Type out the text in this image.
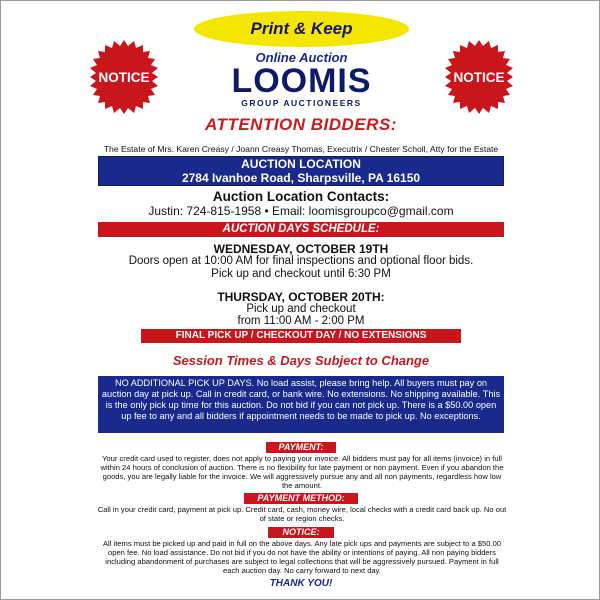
Print & Keep
NOTICE
Online Auction
LOOMIS
GROUP AUCTIONEERS
NOTICE
ATTENTION BIDDERS:
The Estate of Mrs. Karen Creasy / Joann Creasy Thomas, Executrix / Chester Scholl, Atty for the Estate
AUCTION LOCATION
2784 Ivanhoe Road, Sharpsville, PA 16150
Auction Location Contacts:
Justin: 724-815-1958 • Email: loomisgroupco@gmail.com
AUCTION DAYS SCHEDULE:
WEDNESDAY, OCTOBER 19TH
Doors open at 10:00 AM for final inspections and optional floor bids.
Pick up and checkout until 6:30 PM
THURSDAY, OCTOBER 20TH:
Pick up and checkout
from 11:00 AM - 2:00 PM
FINAL PICK UP / CHECKOUT DAY / NO EXTENSIONS
Session Times & Days Subject to Change
NO ADDITIONAL PICK UP DAYS. No load assist, please bring help. All buyers must pay on auction day at pick up. Call in credit card, or bank wire. No extensions. No shipping available. This is the only pick up time for this auction. Do not bid if you can not pick up. There is a $50.00 open up fee to any and all bidders if appointment needs to be made to pick up. No exceptions.
PAYMENT:
Your credit card used to register, does not apply to paying your invoice. All bidders must pay for all items (invoice) in full within 24 hours of conclusion of auction. There is no flexibility for late payment or non payment. Even if you abandon the goods, you are legally liable for the invoice. We will aggressively pursue any and all non payments, regardless how low the amount.
PAYMENT METHOD:
Call in your credit card, payment at pick up. Credit card, cash, money wire, local checks with a credit card back up. No out of state or region checks.
NOTICE:
All items must be picked up and paid in full on the above days. Any late pick ups and payments are subject to a $50.00 open fee. No load assistance. Do not bid if you do not have the ability or intentions of paying. All non paying bidders including abandonment of purchases are subject to legal collections that will be aggressively pursued. Payment in full each auction day. No carry forward to next day.
THANK YOU!
